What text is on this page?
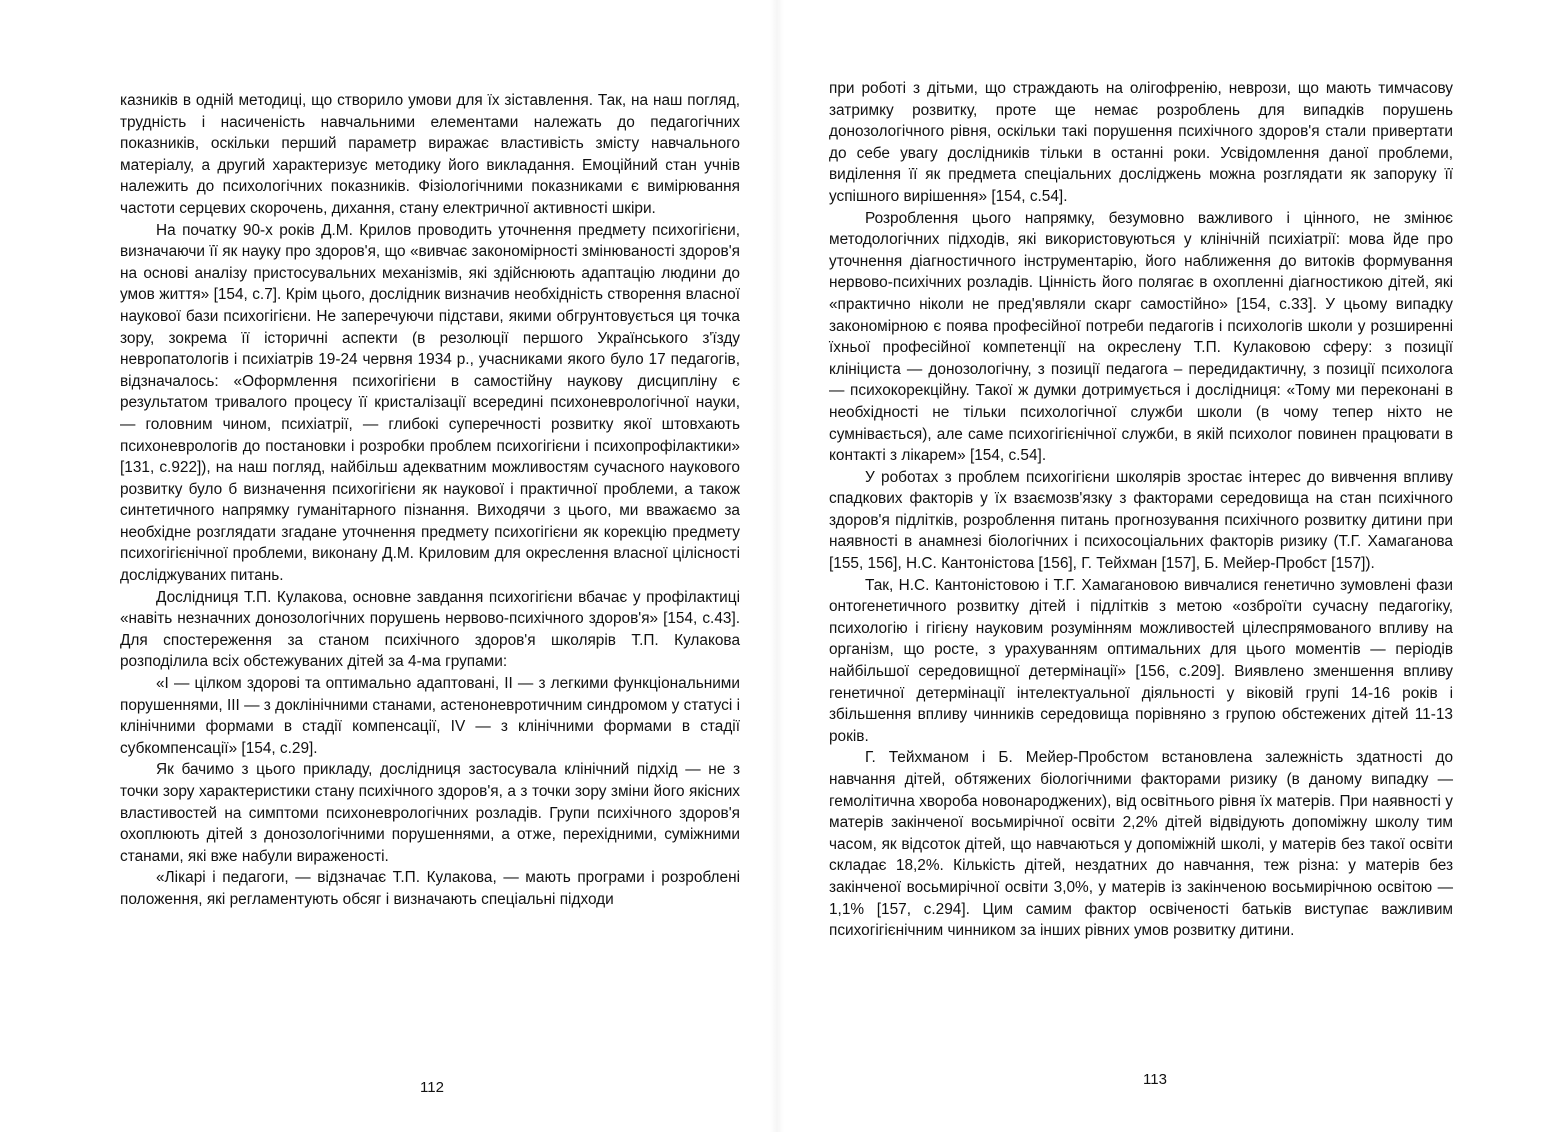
казників в одній методиці, що створило умови для їх зіставлення. Так, на наш погляд, трудність і насиченість навчальними елементами належать до педагогічних показників, оскільки перший параметр виражає властивість змісту навчального матеріалу, а другий характеризує методику його викладання. Емоційний стан учнів належить до психологічних показників. Фізіологічними показниками є вимірювання частоти серцевих скорочень, дихання, стану електричної активності шкіри.

На початку 90-х років Д.М. Крилов проводить уточнення предмету психогігієни, визначаючи її як науку про здоров'я, що «вивчає закономірності змінюваності здоров'я на основі аналізу пристосувальних механізмів, які здійснюють адаптацію людини до умов життя» [154, с.7]. Крім цього, дослідник визначив необхідність створення власної наукової бази психогігієни. Не заперечуючи підстави, якими обгрунтовується ця точка зору, зокрема її історичні аспекти (в резолюції першого Українського з'їзду невропатологів і психіатрів 19-24 червня 1934 р., учасниками якого було 17 педагогів, відзначалось: «Оформлення психогігієни в самостійну наукову дисципліну є результатом тривалого процесу її кристалізації всередині психоневрологічної науки, — головним чином, психіатрії, — глибокі суперечності розвитку якої штовхають психоневрологів до постановки і розробки проблем психогігієни і психопрофілактики» [131, с.922]), на наш погляд, найбільш адекватним можливостям сучасного наукового розвитку було б визначення психогігієни як наукової і практичної проблеми, а також синтетичного напрямку гуманітарного пізнання. Виходячи з цього, ми вважаємо за необхідне розглядати згадане уточнення предмету психогігієни як корекцію предмету психогігієнічної проблеми, виконану Д.М. Криловим для окреслення власної цілісності досліджуваних питань.

Дослідниця Т.П. Кулакова, основне завдання психогігієни вбачає у профілактиці «навіть незначних донозологічних порушень нервово-психічного здоров'я» [154, с.43]. Для спостереження за станом психічного здоров'я школярів Т.П. Кулакова розподілила всіх обстежуваних дітей за 4-ма групами:

«І — цілком здорові та оптимально адаптовані, II — з легкими функціональними порушеннями, III — з доклінічними станами, астеноневротичним синдромом у статусі і клінічними формами в стадії компенсації, IV — з клінічними формами в стадії субкомпенсації» [154, с.29].

Як бачимо з цього прикладу, дослідниця застосувала клінічний підхід — не з точки зору характеристики стану психічного здоров'я, а з точки зору зміни його якісних властивостей на симптоми психоневрологічних розладів. Групи психічного здоров'я охоплюють дітей з донозологічними порушеннями, а отже, перехідними, суміжними станами, які вже набули вираженості.

«Лікарі і педагоги, — відзначає Т.П. Кулакова, — мають програми і розроблені положення, які регламентують обсяг і визначають спеціальні підходи

112

при роботі з дітьми, що страждають на олігофренію, неврози, що мають тимчасову затримку розвитку, проте ще немає розроблень для випадків порушень донозологічного рівня, оскільки такі порушення психічного здоров'я стали привертати до себе увагу дослідників тільки в останні роки. Усвідомлення даної проблеми, виділення її як предмета спеціальних досліджень можна розглядати як запоруку її успішного вирішення» [154, с.54].

Розроблення цього напрямку, безумовно важливого і цінного, не змінює методологічних підходів, які використовуються у клінічній психіатрії: мова йде про уточнення діагностичного інструментарію, його наближення до витоків формування нервово-психічних розладів. Цінність його полягає в охопленні діагностикою дітей, які «практично ніколи не пред'являли скарг самостійно» [154, с.33]. У цьому випадку закономірною є поява професійної потреби педагогів і психологів школи у розширенні їхньої професійної компетенції на окреслену Т.П. Кулаковою сферу: з позиції клініциста — донозологічну, з позиції педагога – передидактичну, з позиції психолога — психокорекційну. Такої ж думки дотримується і дослідниця: «Тому ми переконані в необхідності не тільки психологічної служби школи (в чому тепер ніхто не сумнівається), але саме психогігієнічної служби, в якій психолог повинен працювати в контакті з лікарем» [154, с.54].

У роботах з проблем психогігієни школярів зростає інтерес до вивчення впливу спадкових факторів у їх взаємозв'язку з факторами середовища на стан психічного здоров'я підлітків, розроблення питань прогнозування психічного розвитку дитини при наявності в анамнезі біологічних і психосоціальних факторів ризику (Т.Г. Хамаганова [155, 156], Н.С. Кантоністова [156], Г. Тейхман [157], Б. Мейер-Пробст [157]).

Так, Н.С. Кантоністовою і Т.Г. Хамагановою вивчалися генетично зумовлені фази онтогенетичного розвитку дітей і підлітків з метою «озброїти сучасну педагогіку, психологію і гігієну науковим розумінням можливостей цілеспрямованого впливу на організм, що росте, з урахуванням оптимальних для цього моментів — періодів найбільшої середовищної детермінації» [156, с.209]. Виявлено зменшення впливу генетичної детермінації інтелектуальної діяльності у віковій групі 14-16 років і збільшення впливу чинників середовища порівняно з групою обстежених дітей 11-13 років.

Г. Тейхманом і Б. Мейер-Пробстом встановлена залежність здатності до навчання дітей, обтяжених біологічними факторами ризику (в даному випадку — гемолітична хвороба новонароджених), від освітнього рівня їх матерів. При наявності у матерів закінченої восьмирічної освіти 2,2% дітей відвідують допоміжну школу тим часом, як відсоток дітей, що навчаються у допоміжній школі, у матерів без такої освіти складає 18,2%. Кількість дітей, нездатних до навчання, теж різна: у матерів без закінченої восьмирічної освіти 3,0%, у матерів із закінченою восьмирічною освітою — 1,1% [157, с.294]. Цим самим фактор освіченості батьків виступає важливим психогігієнічним чинником за інших рівних умов розвитку дитини.

113
